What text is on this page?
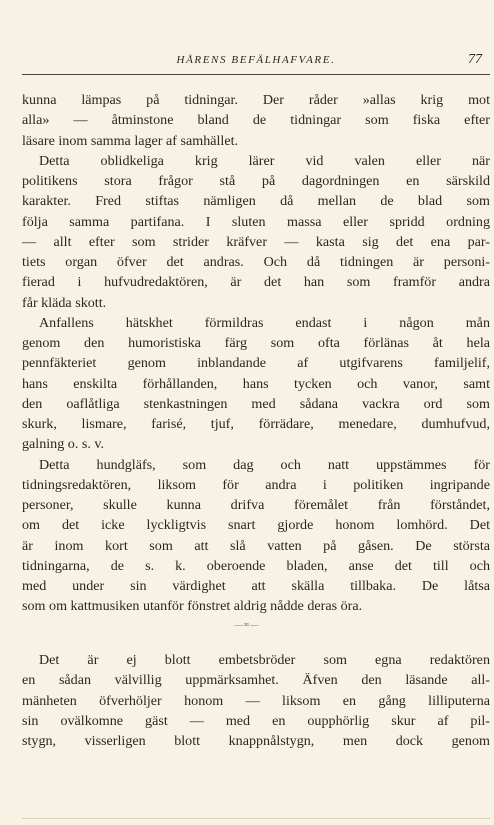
HÅRENS BEFÄLHAFVARE.	77
kunna lämpas på tidningar. Der råder »allas krig mot
alla» — åtminstone bland de tidningar som fiska efter
läsare inom samma lager af samhället.
Detta oblidkeliga krig lärer vid valen eller när
politikens stora frågor stå på dagordningen en särskild
karakter. Fred stiftas nämligen då mellan de blad som
följa samma partifana. I sluten massa eller spridd ordning
— allt efter som strider kräfver — kasta sig det ena par-
tiets organ öfver det andras. Och då tidningen är personi-
fierad i hufvudredaktören, är det han som framför andra
får kläda skott.
Anfallens hätskhet förmildras endast i någon mån
genom den humoristiska färg som ofta förlänas åt hela
pennfäkteriet genom inblandande af utgifvarens familjelif,
hans enskilta förhållanden, hans tycken och vanor, samt
den oaflåtliga stenkastningen med sådana vackra ord som
skurk, lismare, farisé, tjuf, förrädare, menedare, dumhufvud,
galning o. s. v.
Detta hundgläfs, som dag och natt uppstämmes för
tidningsredaktören, liksom för andra i politiken ingripande
personer, skulle kunna drifva föremålet från förståndet,
om det icke lyckligtvis snart gjorde honom lomhörd. Det
är inom kort som att slå vatten på gåsen. De största
tidningarna, de s. k. oberoende bladen, anse det till och
med under sin värdighet att skälla tillbaka. De låtsa
som om kattmusiken utanför fönstret aldrig nådde deras öra.
—∞—
Det är ej blott embetsbröder som egna redaktören
en sådan välvillig uppmärksamhet. Äfven den läsande all-
mänheten öfverhöljer honom — liksom en gång lilliputerna
sin ovälkomne gäst — med en oupphörlig skur af pil-
stygn, visserligen blott knappnålstygn, men dock genom
